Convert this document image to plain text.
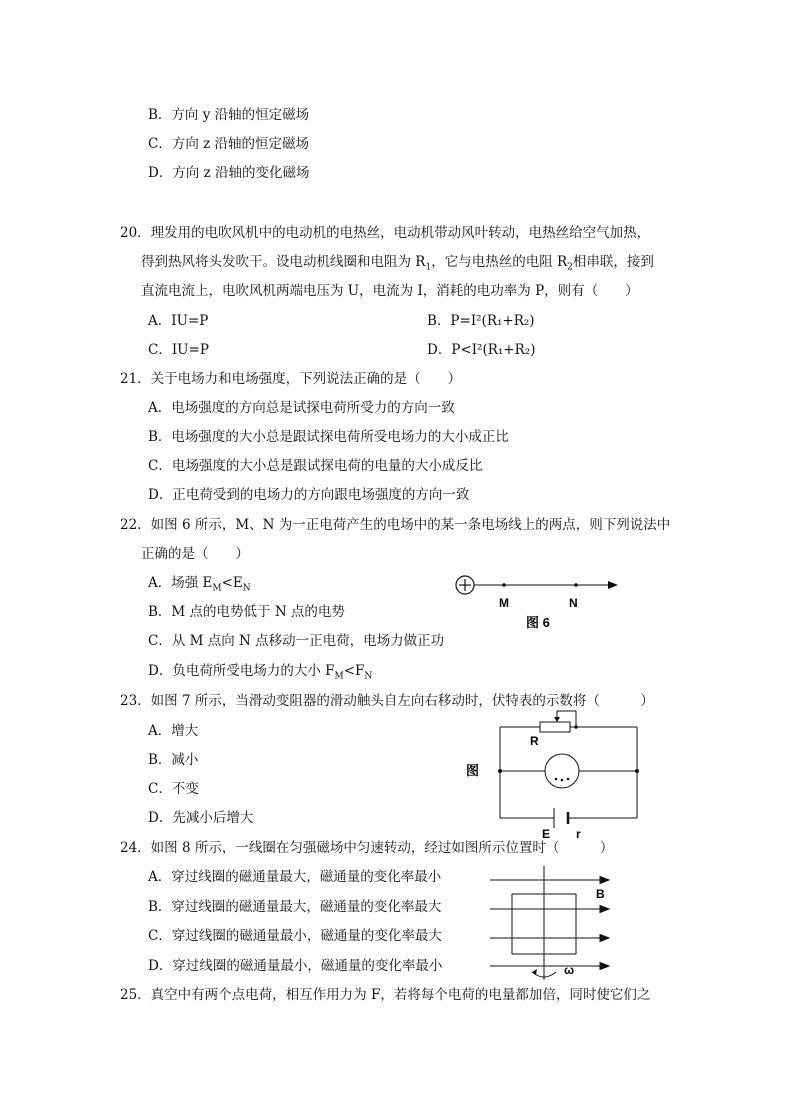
B．方向 y 沿轴的恒定磁场
C．方向 z 沿轴的恒定磁场
D．方向 z 沿轴的变化磁场
20．理发用的电吹风机中的电动机的电热丝，电动机带动风叶转动，电热丝给空气加热，
得到热风将头发吹干。设电动机线圈和电阻为 $R_1$，它与电热丝的电阻 $R_2$相串联，接到
直流电流上，电吹风机两端电压为 U，电流为 I，消耗的电功率为 P，则有（　　）
A．IU=P	B．P=I²(R₁+R₂)
C．IU=P	D．P<I²(R₁+R₂)
21．关于电场力和电场强度，下列说法正确的是（　　）
A．电场强度的方向总是试探电荷所受力的方向一致
B．电场强度的大小总是跟试探电荷所受电场力的大小成正比
C．电场强度的大小总是跟试探电荷的电量的大小成反比
D．正电荷受到的电场力的方向跟电场强度的方向一致
22．如图 6 所示，M、N 为一正电荷产生的电场中的某一条电场线上的两点，则下列说法中
正确的是（　　）
A．场强 $E_M<E_N$
B．M 点的电势低于 N 点的电势
C．从 M 点向 N 点移动一正电荷，电场力做正功
D．负电荷所受电场力的大小 $F_M<F_N$
M	N
图 6
23．如图 7 所示，当滑动变阻器的滑动触头自左向右移动时，伏特表的示数将（　　　）
A．增大
B．减小
C．不变
D．先减小后增大
图
R
E r
24．如图 8 所示，一线圈在匀强磁场中匀速转动，经过如图所示位置时（　　　）
A．穿过线圈的磁通量最大，磁通量的变化率最小
B．穿过线圈的磁通量最大，磁通量的变化率最大
C．穿过线圈的磁通量最小，磁通量的变化率最大
D．穿过线圈的磁通量最小，磁通量的变化率最小
B
ω
25．真空中有两个点电荷，相互作用力为 F，若将每个电荷的电量都加倍，同时使它们之
